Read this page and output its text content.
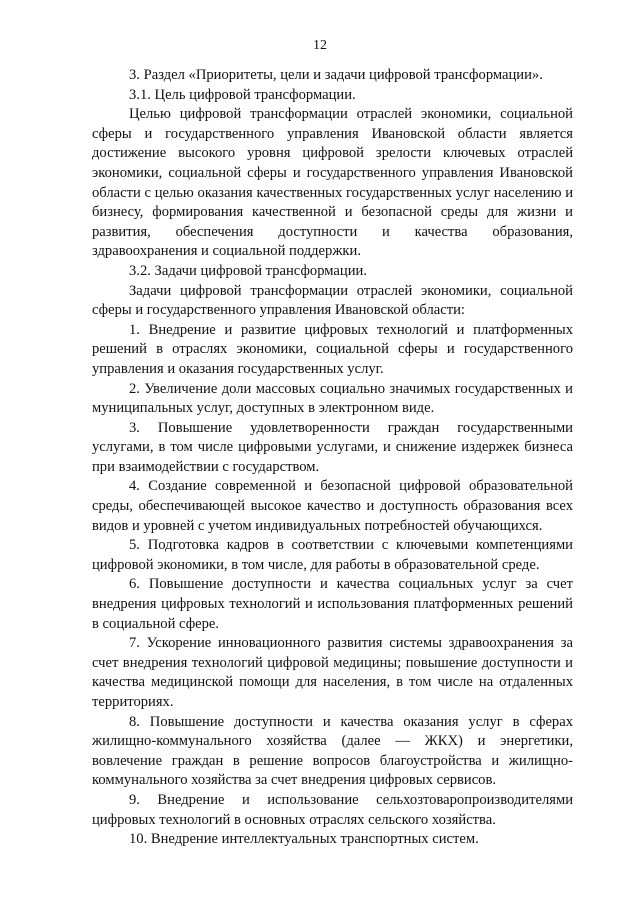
12

3. Раздел «Приоритеты, цели и задачи цифровой трансформации».

3.1. Цель цифровой трансформации.

Целью цифровой трансформации отраслей экономики, социальной сферы и государственного управления Ивановской области является достижение высокого уровня цифровой зрелости ключевых отраслей экономики, социальной сферы и государственного управления Ивановской области с целью оказания качественных государственных услуг населению и бизнесу, формирования качественной и безопасной среды для жизни и развития, обеспечения доступности и качества образования, здравоохранения и социальной поддержки.

3.2. Задачи цифровой трансформации.

Задачи цифровой трансформации отраслей экономики, социальной сферы и государственного управления Ивановской области:

1. Внедрение и развитие цифровых технологий и платформенных решений в отраслях экономики, социальной сферы и государственного управления и оказания государственных услуг.

2. Увеличение доли массовых социально значимых государственных и муниципальных услуг, доступных в электронном виде.

3. Повышение удовлетворенности граждан государственными услугами, в том числе цифровыми услугами, и снижение издержек бизнеса при взаимодействии с государством.

4. Создание современной и безопасной цифровой образовательной среды, обеспечивающей высокое качество и доступность образования всех видов и уровней с учетом индивидуальных потребностей обучающихся.

5. Подготовка кадров в соответствии с ключевыми компетенциями цифровой экономики, в том числе, для работы в образовательной среде.

6. Повышение доступности и качества социальных услуг за счет внедрения цифровых технологий и использования платформенных решений в социальной сфере.

7. Ускорение инновационного развития системы здравоохранения за счет внедрения технологий цифровой медицины; повышение доступности и качества медицинской помощи для населения, в том числе на отдаленных территориях.

8. Повышение доступности и качества оказания услуг в сферах жилищно-коммунального хозяйства (далее — ЖКХ) и энергетики, вовлечение граждан в решение вопросов благоустройства и жилищно-коммунального хозяйства за счет внедрения цифровых сервисов.

9. Внедрение и использование сельхозтоваропроизводителями цифровых технологий в основных отраслях сельского хозяйства.

10. Внедрение интеллектуальных транспортных систем.
